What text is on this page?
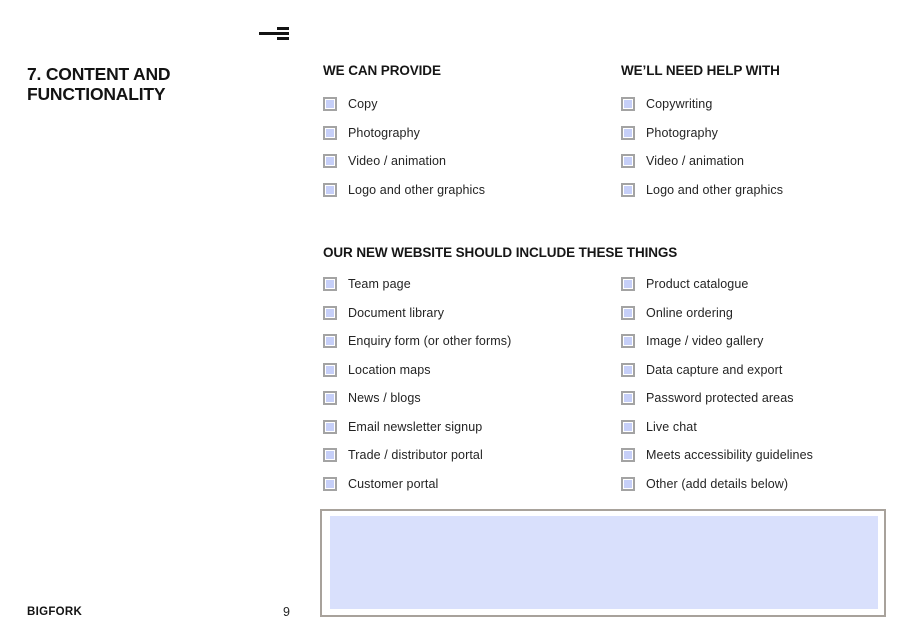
7. CONTENT AND
FUNCTIONALITY
WE CAN PROVIDE
Copy
Photography
Video / animation
Logo and other graphics
WE’LL NEED HELP WITH
Copywriting
Photography
Video / animation
Logo and other graphics
OUR NEW WEBSITE SHOULD INCLUDE THESE THINGS
Team page
Document library
Enquiry form (or other forms)
Location maps
News / blogs
Email newsletter signup
Trade / distributor portal
Customer portal
Product catalogue
Online ordering
Image / video gallery
Data capture and export
Password protected areas
Live chat
Meets accessibility guidelines
Other (add details below)
BIGFORK	9
